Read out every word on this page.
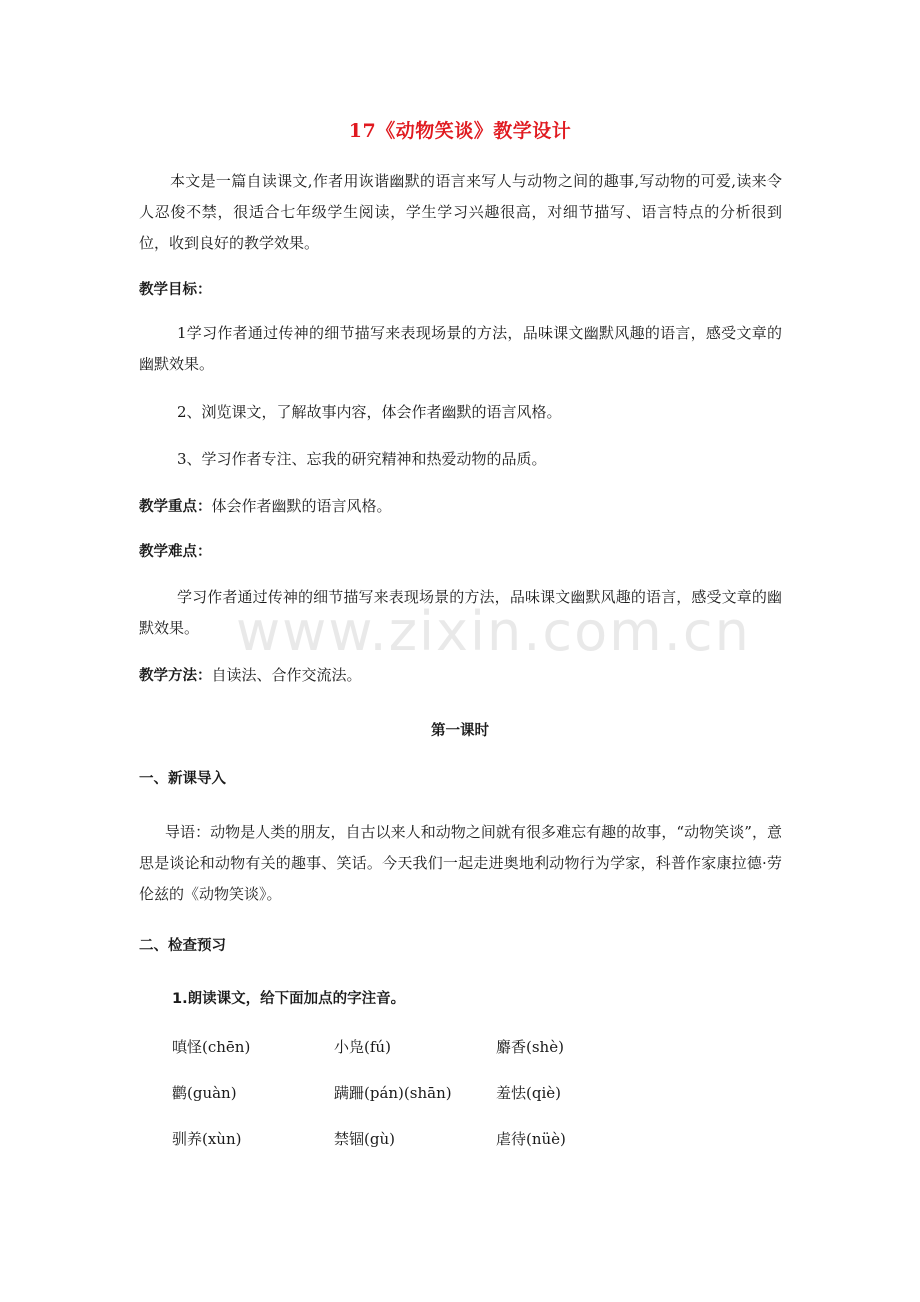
www.zixin.com.cn
17《动物笑谈》教学设计
本文是一篇自读课文,作者用诙谐幽默的语言来写人与动物之间的趣事,写动物的可爱,读来令人忍俊不禁，很适合七年级学生阅读，学生学习兴趣很高，对细节描写、语言特点的分析很到位，收到良好的教学效果。
教学目标：
1学习作者通过传神的细节描写来表现场景的方法，品味课文幽默风趣的语言，感受文章的幽默效果。
2、浏览课文，了解故事内容，体会作者幽默的语言风格。
3、学习作者专注、忘我的研究精神和热爱动物的品质。
教学重点：体会作者幽默的语言风格。
教学难点：
学习作者通过传神的细节描写来表现场景的方法，品味课文幽默风趣的语言，感受文章的幽默效果。
教学方法：自读法、合作交流法。
第一课时
一、新课导入
导语：动物是人类的朋友，自古以来人和动物之间就有很多难忘有趣的故事，“动物笑谈”，意思是谈论和动物有关的趣事、笑话。今天我们一起走进奥地利动物行为学家，科普作家康拉德·劳伦兹的《动物笑谈》。
二、检查预习
1.朗读课文，给下面加点的字注音。
嗔怪(chēn)	小凫(fú)	麝香(shè)
鹳(guàn)	蹒跚(pán)(shān)	羞怯(qiè)
驯养(xùn)	禁锢(gù)	虐待(nüè)
